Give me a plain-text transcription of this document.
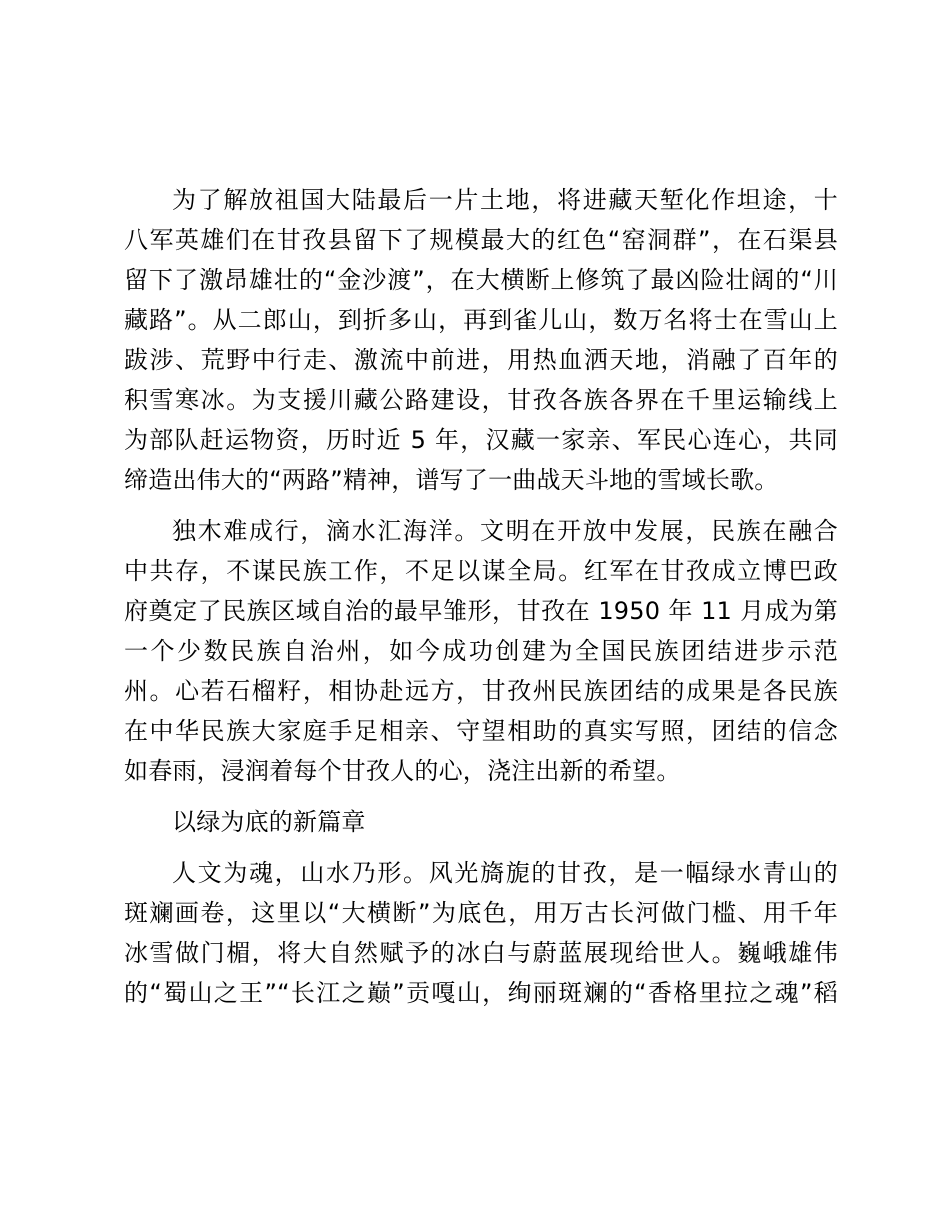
为了解放祖国大陆最后一片土地，将进藏天堑化作坦途，十
八军英雄们在甘孜县留下了规模最大的红色“窑洞群”，在石渠县
留下了激昂雄壮的“金沙渡”，在大横断上修筑了最凶险壮阔的“川
藏路”。从二郎山，到折多山，再到雀儿山，数万名将士在雪山上
跋涉、荒野中行走、激流中前进，用热血洒天地，消融了百年的
积雪寒冰。为支援川藏公路建设，甘孜各族各界在千里运输线上
为部队赶运物资，历时近 5 年，汉藏一家亲、军民心连心，共同
缔造出伟大的“两路”精神，谱写了一曲战天斗地的雪域长歌。
独木难成行，滴水汇海洋。文明在开放中发展，民族在融合
中共存，不谋民族工作，不足以谋全局。红军在甘孜成立博巴政
府奠定了民族区域自治的最早雏形，甘孜在 1950 年 11 月成为第
一个少数民族自治州，如今成功创建为全国民族团结进步示范
州。心若石榴籽，相协赴远方，甘孜州民族团结的成果是各民族
在中华民族大家庭手足相亲、守望相助的真实写照，团结的信念
如春雨，浸润着每个甘孜人的心，浇注出新的希望。
以绿为底的新篇章
人文为魂，山水乃形。风光旖旎的甘孜，是一幅绿水青山的
斑斓画卷，这里以“大横断”为底色，用万古长河做门槛、用千年
冰雪做门楣，将大自然赋予的冰白与蔚蓝展现给世人。巍峨雄伟
的“蜀山之王”“长江之巅”贡嘎山，绚丽斑斓的“香格里拉之魂”稻
